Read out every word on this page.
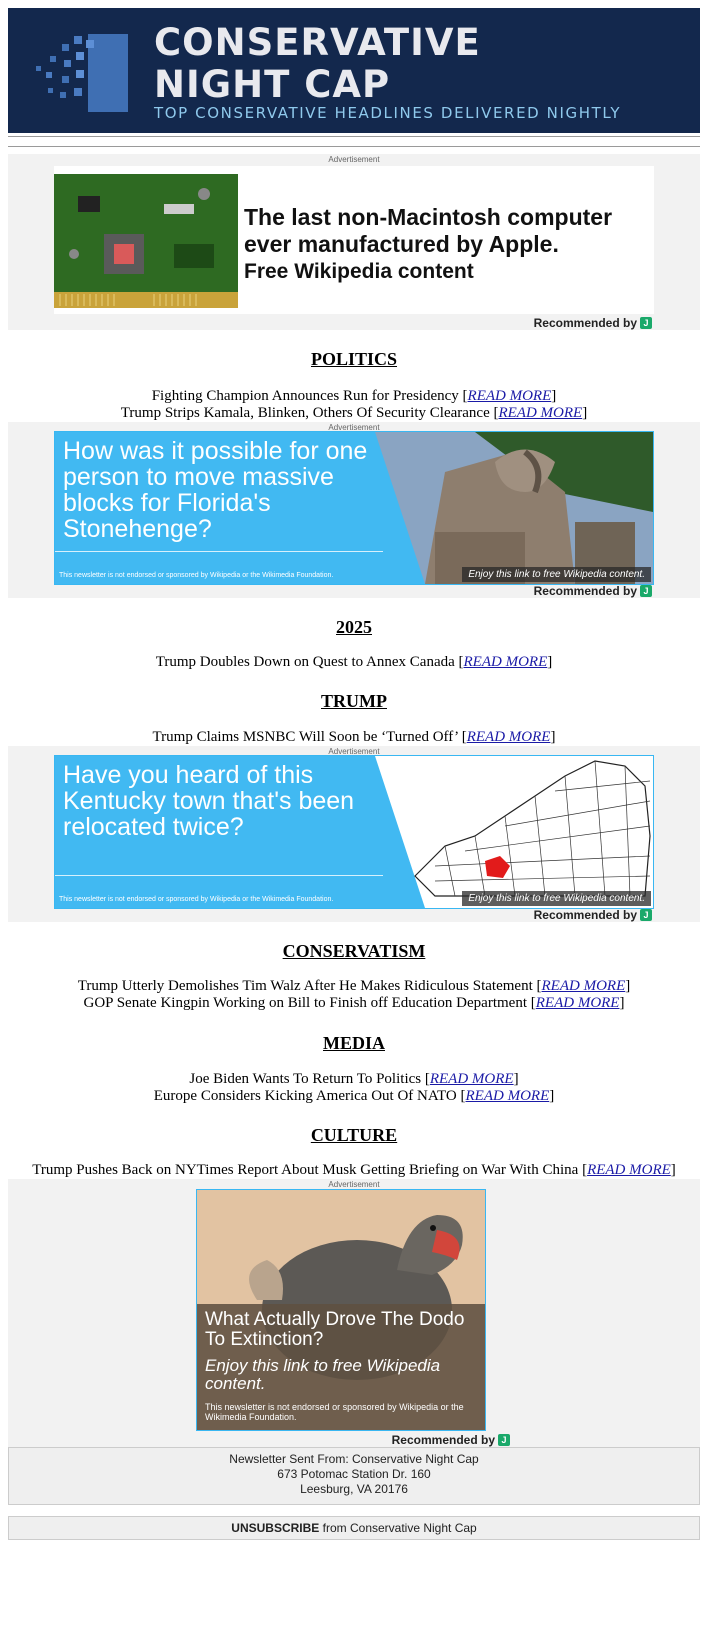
CONSERVATIVE
NIGHT CAP
TOP CONSERVATIVE HEADLINES DELIVERED NIGHTLY
Advertisement
The last non-Macintosh computer
ever manufactured by Apple.
Free Wikipedia content
Recommended by J
POLITICS
Fighting Champion Announces Run for Presidency [READ MORE]
Trump Strips Kamala, Blinken, Others Of Security Clearance [READ MORE]
Advertisement
How was it possible for one person to move massive blocks for Florida's Stonehenge?
This newsletter is not endorsed or sponsored by Wikipedia or the Wikimedia Foundation.	Enjoy this link to free Wikipedia content.
Recommended by J
2025
Trump Doubles Down on Quest to Annex Canada [READ MORE]
TRUMP
Trump Claims MSNBC Will Soon be ‘Turned Off’ [READ MORE]
Advertisement
Have you heard of this Kentucky town that's been relocated twice?
This newsletter is not endorsed or sponsored by Wikipedia or the Wikimedia Foundation.	Enjoy this link to free Wikipedia content.
Recommended by J
CONSERVATISM
Trump Utterly Demolishes Tim Walz After He Makes Ridiculous Statement [READ MORE]
GOP Senate Kingpin Working on Bill to Finish off Education Department [READ MORE]
MEDIA
Joe Biden Wants To Return To Politics [READ MORE]
Europe Considers Kicking America Out Of NATO [READ MORE]
CULTURE
Trump Pushes Back on NYTimes Report About Musk Getting Briefing on War With China [READ MORE]
Advertisement
What Actually Drove The Dodo To Extinction?
Enjoy this link to free Wikipedia content.
This newsletter is not endorsed or sponsored by Wikipedia or the Wikimedia Foundation.
Recommended by J
Newsletter Sent From: Conservative Night Cap
673 Potomac Station Dr. 160
Leesburg, VA 20176
UNSUBSCRIBE from Conservative Night Cap
